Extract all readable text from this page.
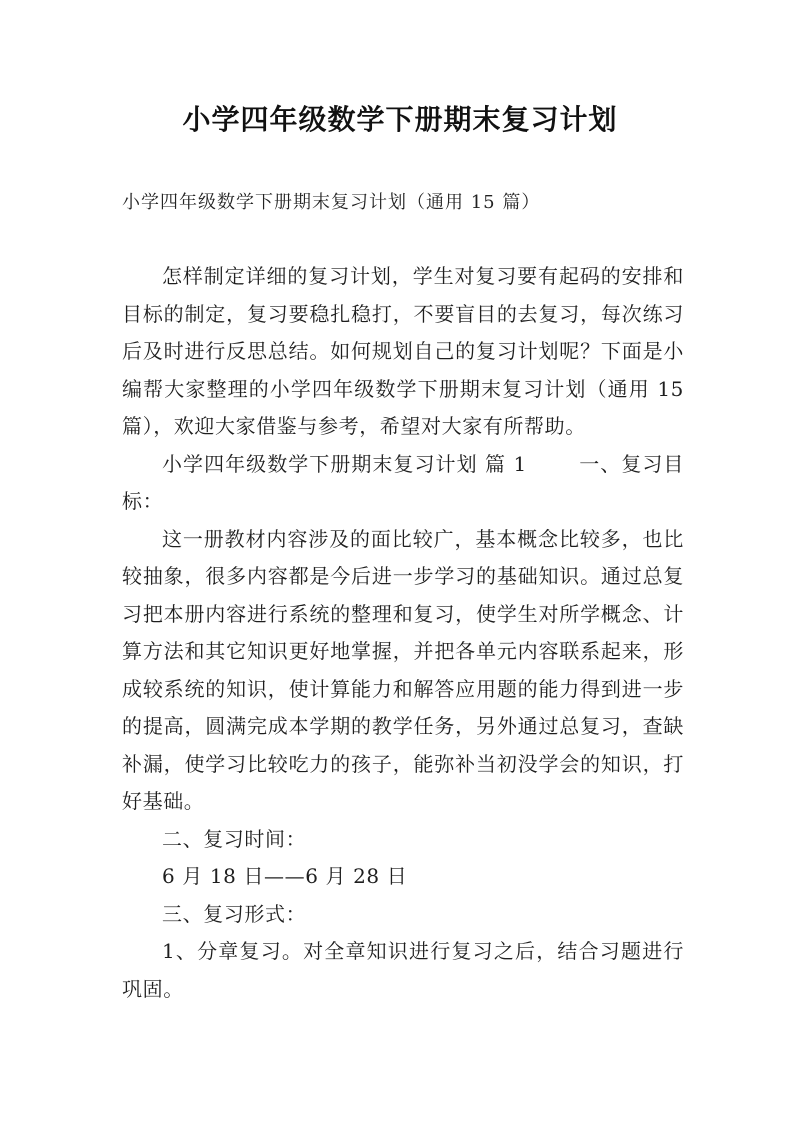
小学四年级数学下册期末复习计划
小学四年级数学下册期末复习计划（通用 15 篇）

怎样制定详细的复习计划，学生对复习要有起码的安排和目标的制定，复习要稳扎稳打，不要盲目的去复习，每次练习后及时进行反思总结。如何规划自己的复习计划呢？下面是小编帮大家整理的小学四年级数学下册期末复习计划（通用 15 篇），欢迎大家借鉴与参考，希望对大家有所帮助。

小学四年级数学下册期末复习计划 篇 1	一、复习目标：

这一册教材内容涉及的面比较广，基本概念比较多，也比较抽象，很多内容都是今后进一步学习的基础知识。通过总复习把本册内容进行系统的整理和复习，使学生对所学概念、计算方法和其它知识更好地掌握，并把各单元内容联系起来，形成较系统的知识，使计算能力和解答应用题的能力得到进一步的提高，圆满完成本学期的教学任务，另外通过总复习，查缺补漏，使学习比较吃力的孩子，能弥补当初没学会的知识，打好基础。

二、复习时间：

6 月 18 日——6 月 28 日

三、复习形式：

1、分章复习。对全章知识进行复习之后，结合习题进行巩固。
